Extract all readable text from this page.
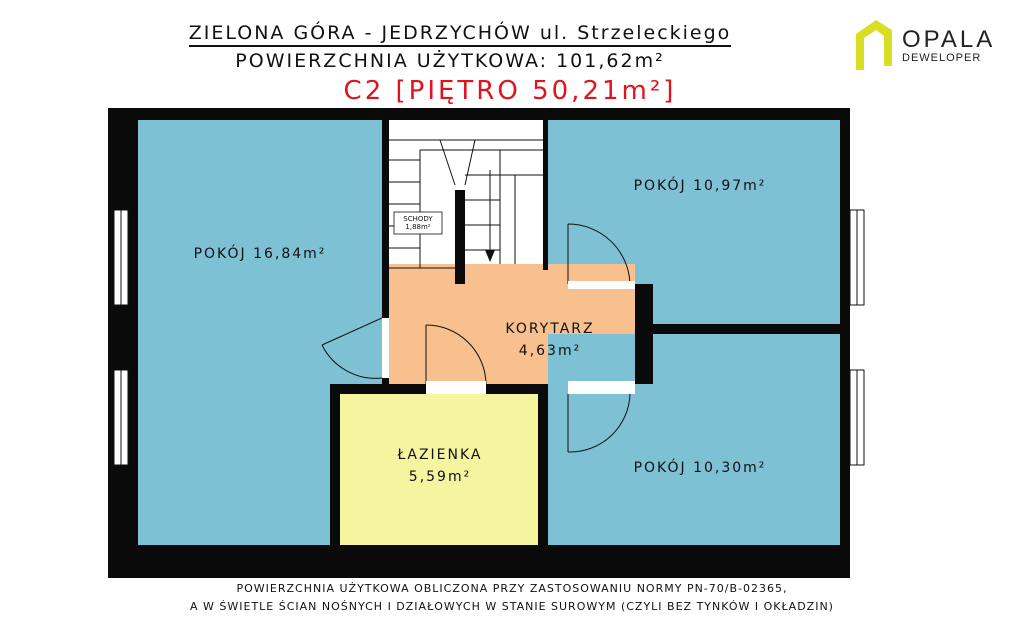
ZIELONA GÓRA - JEDRZYCHÓW ul. Strzeleckiego
POWIERZCHNIA UŻYTKOWA: 101,62m²
C2 [PIĘTRO 50,21m²]
OPALA
DEWELOPER
POKÓJ 16,84m²
POKÓJ 10,97m²
POKÓJ 10,30m²
KORYTARZ
4,63m²
ŁAZIENKA
5,59m²
SCHODY
1,88m²
POWIERZCHNIA UŻYTKOWA OBLICZONA PRZY ZASTOSOWANIU NORMY PN-70/B-02365,
A W ŚWIETLE ŚCIAN NOŚNYCH I DZIAŁOWYCH W STANIE SUROWYM (CZYLI BEZ TYNKÓW I OKŁADZIN)
